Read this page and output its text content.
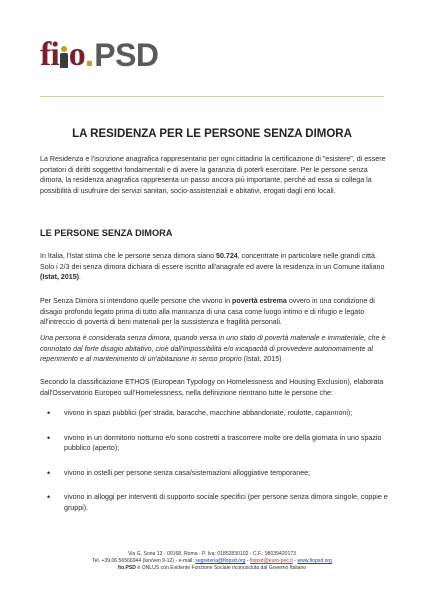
fi o . PSD
LA RESIDENZA PER LE PERSONE SENZA DIMORA

La Residenza e l'iscrizione anagrafica rappresentano per ogni cittadino la certificazione di "esistere", di essere portatori di diritti soggettivi fondamentali e di avere la garanzia di poterli esercitare. Per le persone senza dimora, la residenza anagrafica rappresenta un passo ancora più importante, perché ad essa si collega la possibilità di usufruire dei servizi sanitari, socio-assistenziali e abitativi, erogati dagli enti locali.

LE PERSONE SENZA DIMORA

In Italia, l'Istat stima che le persone senza dimora siano 50.724, concentrate in particolare nelle grandi città. Solo i 2/3 dei senza dimora dichiara di essere iscritto all'anagrafe ed avere la residenza in un Comune italiano (Istat, 2015).

Per Senza Dimora si intendono quelle persone che vivono in povertà estrema ovvero in una condizione di disagio profondo legato prima di tutto alla mancanza di una casa come luogo intimo e di rifugio e legato all'intreccio di povertà di beni materiali per la sussistenza e fragilità personali.

Una persona è considerata senza dimora, quando versa in uno stato di povertà materiale e immateriale, che è connotato dal forte disagio abitativo, cioè dall'impossibilità e/o incapacità di provvedere autonomamente al reperimento e al mantenimento di un'abitazione in senso proprio (Istat, 2015)

Secondo la classificazione ETHOS (European Typology on Homelessness and Housing Exclusion), elaborata dall'Osservatorio Europeo sull'Homelessness, nella definizione rientrano tutte le persone che:

•	vivono in spazi pubblici (per strada, baracche, macchine abbandonate, roulotte, capannoni);
•	vivono in un dormitorio notturno e/o sono costretti a trascorrere molte ore della giornata in uno spazio pubblico (aperto);
•	vivono in ostelli per persone senza casa/sistemazioni alloggiative temporanee;
•	vivono in alloggi per interventi di supporto sociale specifici (per persone senza dimora singole, coppie e gruppi).
Via G. Soria 13 - 00168, Roma - P. Iva: 01852830102 - C.F.: 98039420173
Tel. +39.06.56566944 (lun/ven 9-12) - e-mail: segreteria@fiopsd.org - fiopsd@euro-pec.it - www.fiopsd.org
fio.PSD è ONLUS con Evidente Funzione Sociale riconosciuta dal Governo Italiano
